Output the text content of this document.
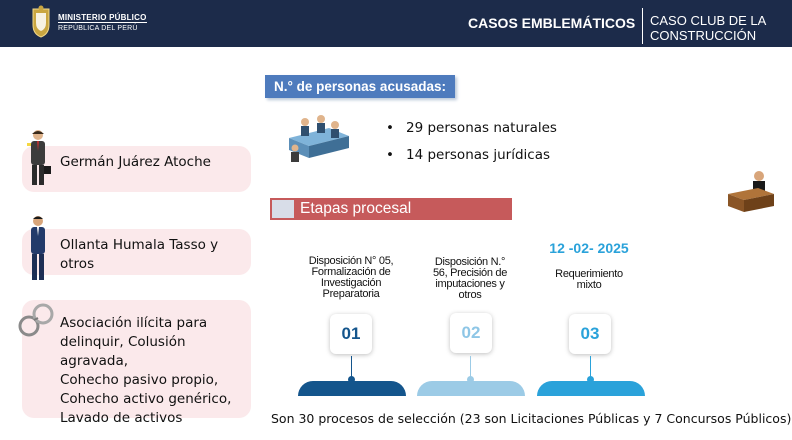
MINISTERIO PÚBLICO
REPÚBLICA DEL PERÚ	CASOS EMBLEMÁTICOS CASO CLUB DE LA
CONSTRUCCIÓN
Germán Juárez Atoche
Ollanta Humala Tasso y otros
Asociación ilícita para
delinquir, Colusión agravada,
Cohecho pasivo propio,
Cohecho activo genérico,
Lavado de activos
N.° de personas acusadas:
• 29 personas naturales
• 14 personas jurídicas
Etapas procesal
Disposición N° 05,
Formalización de
Investigación
Preparatoria
Disposición N.°
56, Precisión de
imputaciones y
otros
12 -02- 2025
Requerimiento
mixto
01	02	03
Son 30 procesos de selección (23 son Licitaciones Públicas y 7 Concursos Públicos)
